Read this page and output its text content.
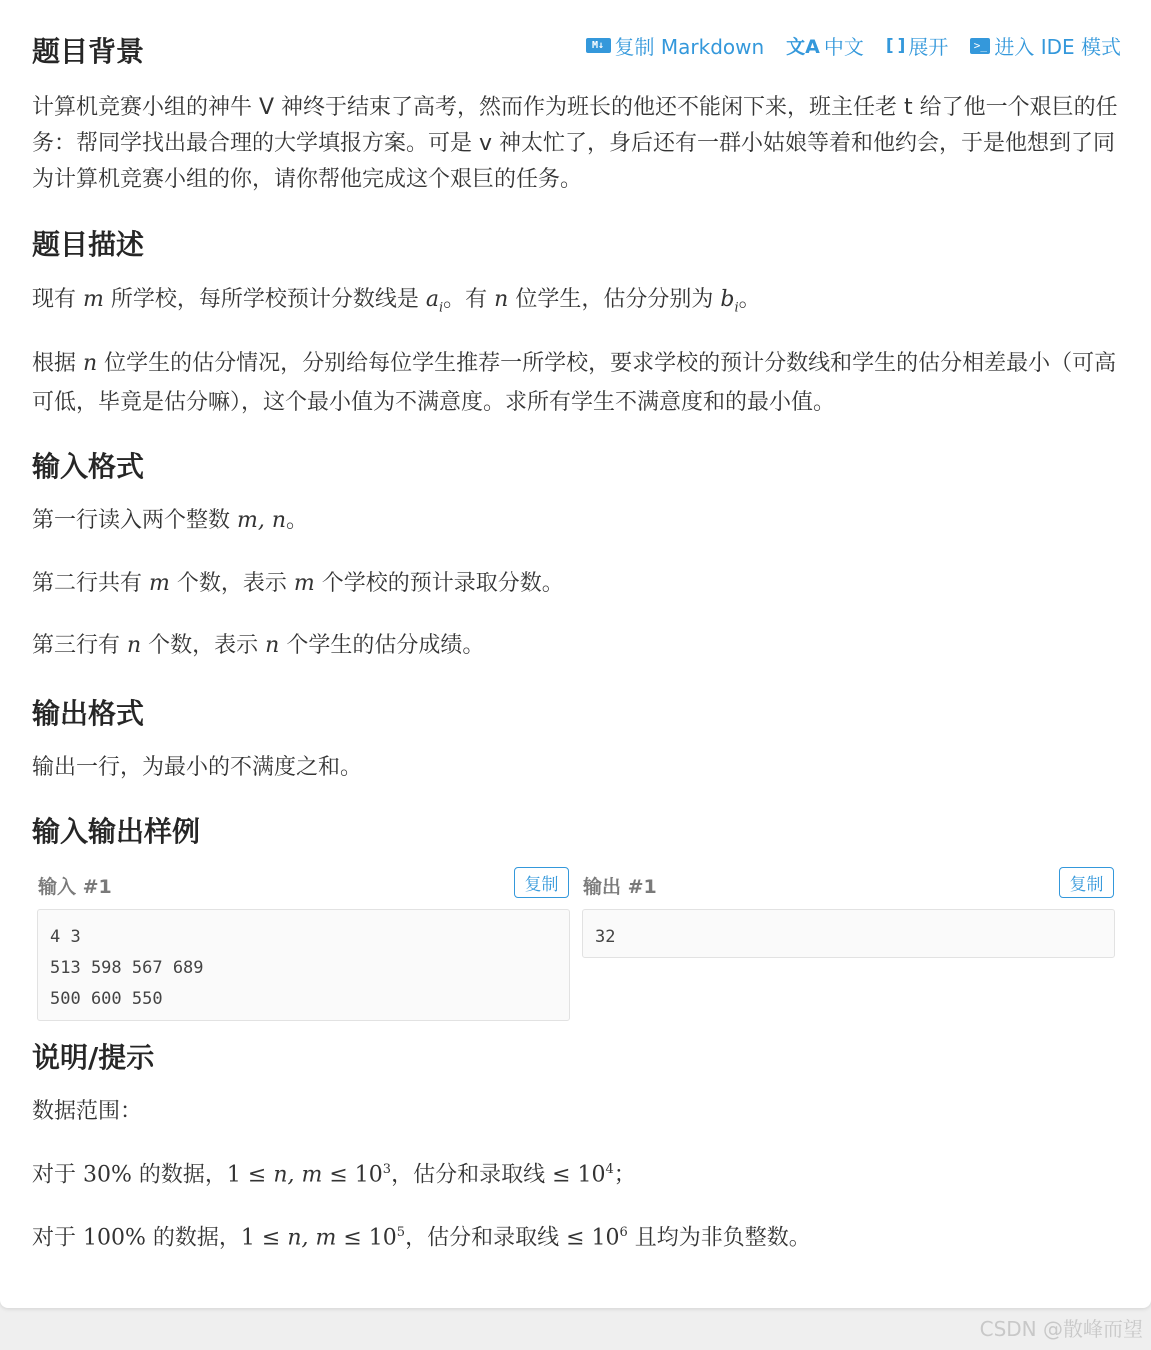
M↓ 复制 Markdown 文A 中文 [ ] 展开	>_ 进入 IDE 模式
题目背景

计算机竞赛小组的神牛 V 神终于结束了高考，然而作为班长的他还不能闲下来，班主任老 t 给了他一个艰巨的任务：帮同学找出最合理的大学填报方案。可是 v 神太忙了，身后还有一群小姑娘等着和他约会，于是他想到了同为计算机竞赛小组的你，请你帮他完成这个艰巨的任务。

题目描述

现有 m 所学校，每所学校预计分数线是 $a_i$。有 n 位学生，估分分别为 $b_i$。

根据 n 位学生的估分情况，分别给每位学生推荐一所学校，要求学校的预计分数线和学生的估分相差最小（可高可低，毕竟是估分嘛），这个最小值为不满意度。求所有学生不满意度和的最小值。

输入格式

第一行读入两个整数 m, n。

第二行共有 m 个数，表示 m 个学校的预计录取分数。

第三行有 n 个数，表示 n 个学生的估分成绩。

输出格式

输出一行，为最小的不满度之和。

输入输出样例
说明/提示

数据范围：

对于 30% 的数据，1 ≤ n, $m \le 10^3$，估分和录取线 ≤ $10^4$；

对于 100% 的数据，1 ≤ n, $m \le 10^5$，估分和录取线 ≤ $10^6$ 且均为非负整数。

输入 #1	复制
4 3
513 598 567 689
500 600 550
输出 #1	复制
32
CSDN @散峰而望
